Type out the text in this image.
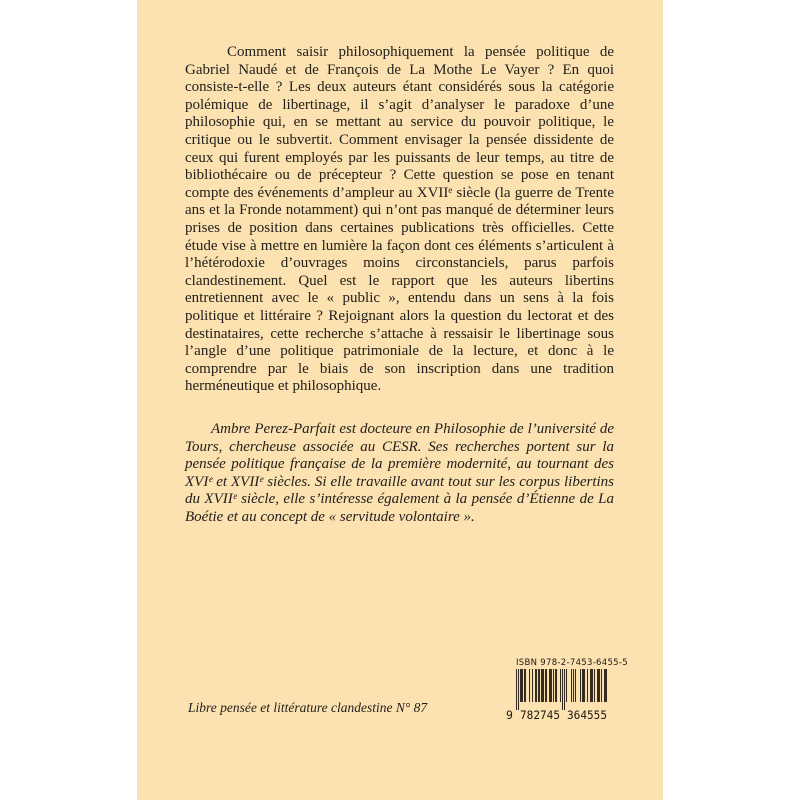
Comment saisir philosophiquement la pensée politique de Gabriel Naudé et de François de La Mothe Le Vayer ? En quoi consiste-t-elle ? Les deux auteurs étant considérés sous la catégorie polémique de libertinage, il s’agit d’analyser le paradoxe d’une philosophie qui, en se mettant au service du pouvoir politique, le critique ou le subvertit. Comment envisager la pensée dissidente de ceux qui furent employés par les puissants de leur temps, au titre de bibliothécaire ou de précepteur ? Cette question se pose en tenant compte des événements d’ampleur au XVIIᵉ siècle (la guerre de Trente ans et la Fronde notamment) qui n’ont pas manqué de déterminer leurs prises de position dans certaines publications très officielles. Cette étude vise à mettre en lumière la façon dont ces éléments s’articulent à l’hétérodoxie d’ouvrages moins circonstanciels, parus parfois clandestinement. Quel est le rapport que les auteurs libertins entretiennent avec le « public », entendu dans un sens à la fois politique et littéraire ? Rejoignant alors la question du lectorat et des destinataires, cette recherche s’attache à ressaisir le libertinage sous l’angle d’une politique patrimoniale de la lecture, et donc à le comprendre par le biais de son inscription dans une tradition herméneutique et philosophique.

Ambre Perez-Parfait est docteure en Philosophie de l’université de Tours, chercheuse associée au CESR. Ses recherches portent sur la pensée politique française de la première modernité, au tournant des XVIᵉ et XVIIᵉ siècles. Si elle travaille avant tout sur les corpus libertins du XVIIᵉ siècle, elle s’intéresse également à la pensée d’Étienne de La Boétie et au concept de « servitude volontaire ».

Libre pensée et littérature clandestine N° 87
ISBN 978-2-7453-6455-5
9 782745 364555
